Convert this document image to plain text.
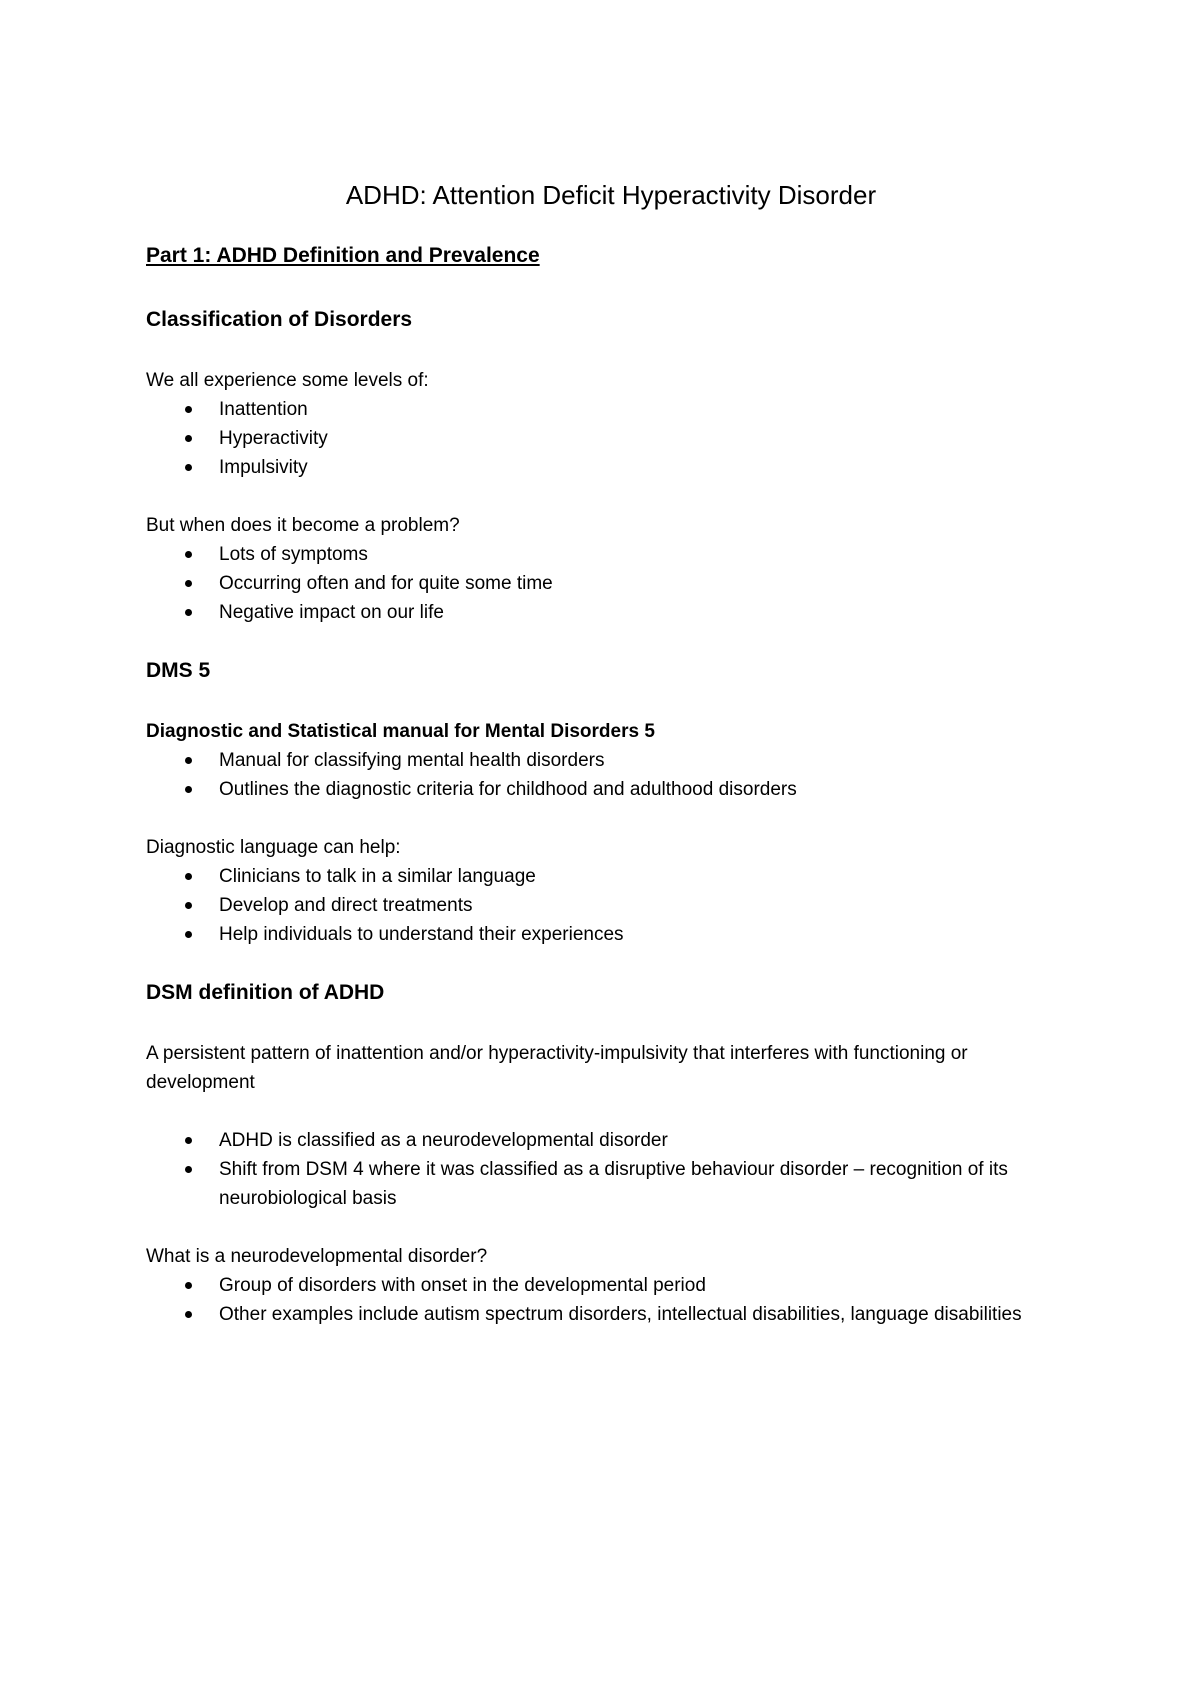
ADHD: Attention Deficit Hyperactivity Disorder
Part 1: ADHD Definition and Prevalence
Classification of Disorders

We all experience some levels of:

Inattention
Hyperactivity
Impulsivity

But when does it become a problem?

Lots of symptoms
Occurring often and for quite some time
Negative impact on our life
DMS 5

Diagnostic and Statistical manual for Mental Disorders 5

Manual for classifying mental health disorders
Outlines the diagnostic criteria for childhood and adulthood disorders

Diagnostic language can help:

Clinicians to talk in a similar language
Develop and direct treatments
Help individuals to understand their experiences
DSM definition of ADHD

A persistent pattern of inattention and/or hyperactivity-impulsivity that interferes with functioning or development

ADHD is classified as a neurodevelopmental disorder
Shift from DSM 4 where it was classified as a disruptive behaviour disorder – recognition of its neurobiological basis

What is a neurodevelopmental disorder?

Group of disorders with onset in the developmental period
Other examples include autism spectrum disorders, intellectual disabilities, language disabilities
